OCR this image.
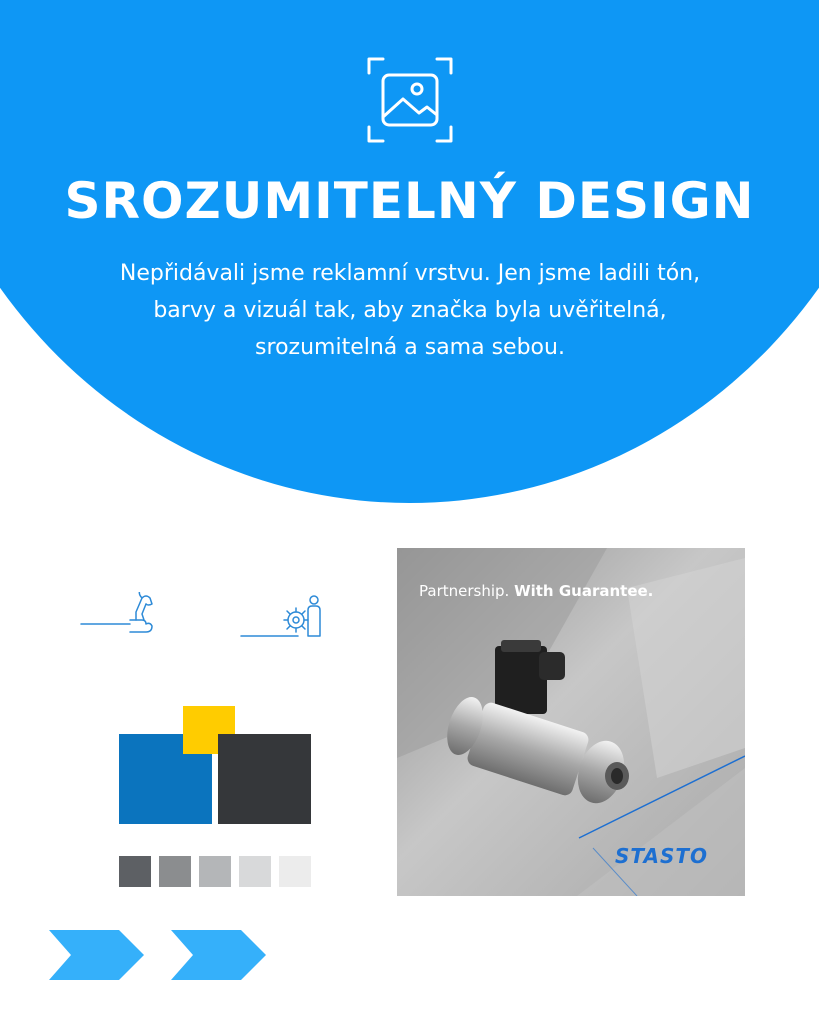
SROZUMITELNÝ DESIGN
Nepřidávali jsme reklamní vrstvu. Jen jsme ladili tón,
barvy a vizuál tak, aby značka byla uvěřitelná,
srozumitelná a sama sebou.
Partnership. With Guarantee.
STASTO
